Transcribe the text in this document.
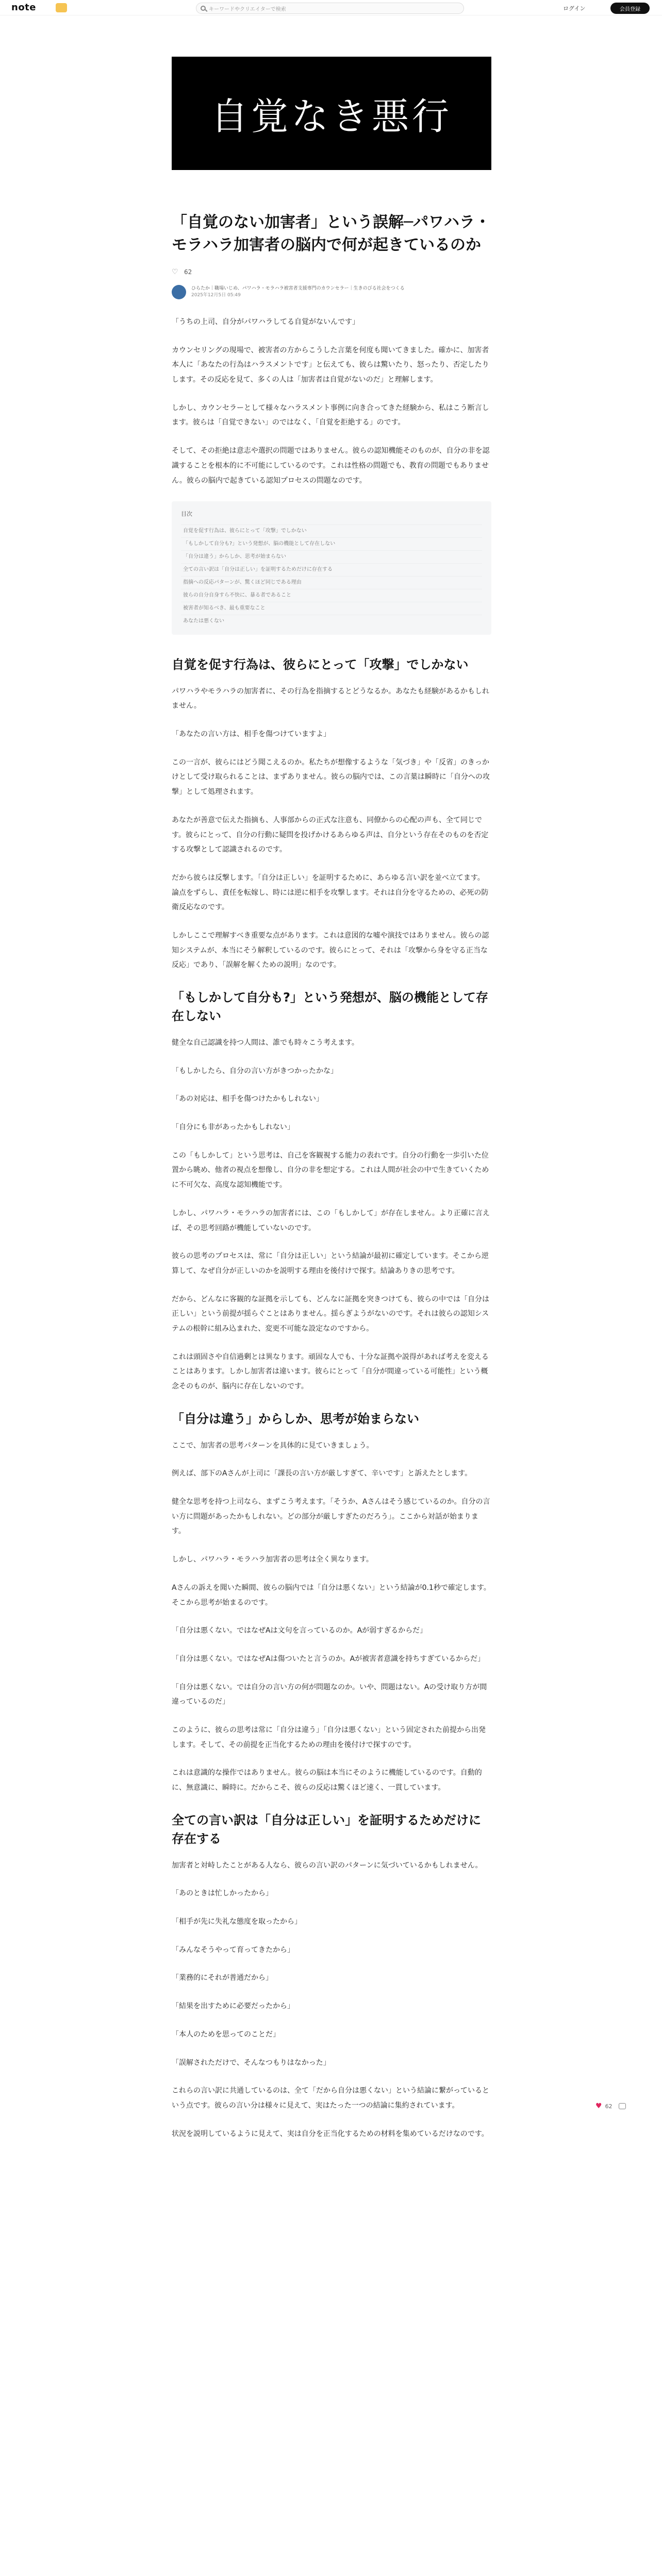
note	キーワードやクリエイターで検索	ログイン	会員登録
自覚なき悪行
「自覚のない加害者」という誤解─パワハラ・モラハラ加害者の脳内で何が起きているのか
♡ 62
ひらたか｜職場いじめ、パワハラ・モラハラ被害者支援専門のカウンセラー｜生きのびる社会をつくる
2025年12月5日 05:49

「うちの上司、自分がパワハラしてる自覚がないんです」

カウンセリングの現場で、被害者の方からこうした言葉を何度も聞いてきました。確かに、加害者本人に「あなたの行為はハラスメントです」と伝えても、彼らは驚いたり、怒ったり、否定したりします。その反応を見て、多くの人は「加害者は自覚がないのだ」と理解します。

しかし、カウンセラーとして様々なハラスメント事例に向き合ってきた経験から、私はこう断言します。彼らは「自覚できない」のではなく、「自覚を拒絶する」のです。

そして、その拒絶は意志や選択の問題ではありません。彼らの認知機能そのものが、自分の非を認識することを根本的に不可能にしているのです。これは性格の問題でも、教育の問題でもありません。彼らの脳内で起きている認知プロセスの問題なのです。

目次
自覚を促す行為は、彼らにとって「攻撃」でしかない
「もしかして自分も?」という発想が、脳の機能として存在しない
「自分は違う」からしか、思考が始まらない
全ての言い訳は「自分は正しい」を証明するためだけに存在する
指摘への反応パターンが、驚くほど同じである理由
彼らの自分自身すら不快に、暴る者であること
被害者が知るべき、最も重要なこと
あなたは悪くない
自覚を促す行為は、彼らにとって「攻撃」でしかない

パワハラやモラハラの加害者に、その行為を指摘するとどうなるか。あなたも経験があるかもしれません。

「あなたの言い方は、相手を傷つけていますよ」

この一言が、彼らにはどう聞こえるのか。私たちが想像するような「気づき」や「反省」のきっかけとして受け取られることは、まずありません。彼らの脳内では、この言葉は瞬時に「自分への攻撃」として処理されます。

あなたが善意で伝えた指摘も、人事部からの正式な注意も、同僚からの心配の声も、全て同じです。彼らにとって、自分の行動に疑問を投げかけるあらゆる声は、自分という存在そのものを否定する攻撃として認識されるのです。

だから彼らは反撃します。「自分は正しい」を証明するために、あらゆる言い訳を並べ立てます。論点をずらし、責任を転嫁し、時には逆に相手を攻撃します。それは自分を守るための、必死の防衛反応なのです。

しかしここで理解すべき重要な点があります。これは意図的な嘘や演技ではありません。彼らの認知システムが、本当にそう解釈しているのです。彼らにとって、それは「攻撃から身を守る正当な反応」であり、「誤解を解くための説明」なのです。

「もしかして自分も?」という発想が、脳の機能として存在しない

健全な自己認識を持つ人間は、誰でも時々こう考えます。

「もしかしたら、自分の言い方がきつかったかな」

「あの対応は、相手を傷つけたかもしれない」

「自分にも非があったかもしれない」

この「もしかして」という思考は、自己を客観視する能力の表れです。自分の行動を一歩引いた位置から眺め、他者の視点を想像し、自分の非を想定する。これは人間が社会の中で生きていくために不可欠な、高度な認知機能です。

しかし、パワハラ・モラハラの加害者には、この「もしかして」が存在しません。より正確に言えば、その思考回路が機能していないのです。

彼らの思考のプロセスは、常に「自分は正しい」という結論が最初に確定しています。そこから逆算して、なぜ自分が正しいのかを説明する理由を後付けで探す。結論ありきの思考です。

だから、どんなに客観的な証拠を示しても、どんなに証拠を突きつけても、彼らの中では「自分は正しい」という前提が揺らぐことはありません。揺らぎようがないのです。それは彼らの認知システムの根幹に組み込まれた、変更不可能な設定なのですから。

これは頭固さや自信過剰とは異なります。頑固な人でも、十分な証拠や説得があれば考えを変えることはあります。しかし加害者は違います。彼らにとって「自分が間違っている可能性」という概念そのものが、脳内に存在しないのです。

「自分は違う」からしか、思考が始まらない

ここで、加害者の思考パターンを具体的に見ていきましょう。

例えば、部下のAさんが上司に「課長の言い方が厳しすぎて、辛いです」と訴えたとします。

健全な思考を持つ上司なら、まずこう考えます。「そうか、Aさんはそう感じているのか。自分の言い方に問題があったかもしれない。どの部分が厳しすぎたのだろう」。ここから対話が始まります。

しかし、パワハラ・モラハラ加害者の思考は全く異なります。

Aさんの訴えを聞いた瞬間、彼らの脳内では「自分は悪くない」という結論が0.1秒で確定します。そこから思考が始まるのです。

「自分は悪くない。ではなぜAは文句を言っているのか。Aが弱すぎるからだ」

「自分は悪くない。ではなぜAは傷ついたと言うのか。Aが被害者意識を持ちすぎているからだ」

「自分は悪くない。では自分の言い方の何が問題なのか。いや、問題はない。Aの受け取り方が間違っているのだ」

このように、彼らの思考は常に「自分は違う」「自分は悪くない」という固定された前提から出発します。そして、その前提を正当化するための理由を後付けで探すのです。

これは意識的な操作ではありません。彼らの脳は本当にそのように機能しているのです。自動的に、無意識に、瞬時に。だからこそ、彼らの反応は驚くほど速く、一貫しています。

全ての言い訳は「自分は正しい」を証明するためだけに存在する

加害者と対峙したことがある人なら、彼らの言い訳のパターンに気づいているかもしれません。

「あのときは忙しかったから」

「相手が先に失礼な態度を取ったから」

「みんなそうやって育ってきたから」

「業務的にそれが普通だから」

「結果を出すために必要だったから」

「本人のためを思ってのことだ」

「誤解されただけで、そんなつもりはなかった」

これらの言い訳に共通しているのは、全て「だから自分は悪くない」という結論に繋がっているという点です。彼らの言い分は様々に見えて、実はたった一つの結論に集約されています。

状況を説明しているように見えて、実は自分を正当化するための材料を集めているだけなのです。

♥ 62
